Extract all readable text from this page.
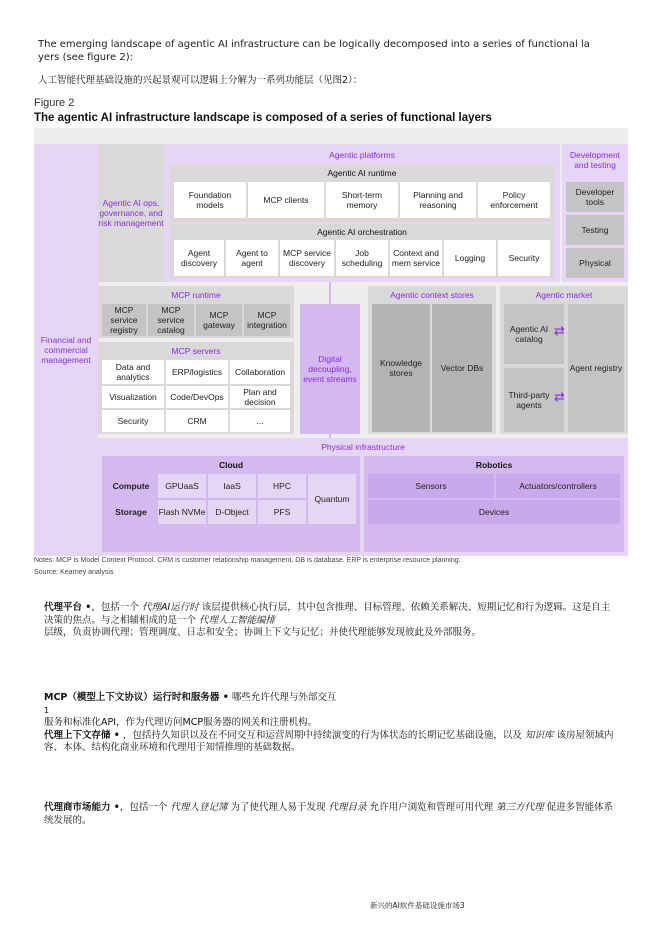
The emerging landscape of agentic AI infrastructure can be logically decomposed into a series of functional la yers (see figure 2):
人工智能代理基础设施的兴起景观可以逻辑上分解为一系列功能层（见图2）：
Figure 2
The agentic AI infrastructure landscape is composed of a series of functional layers
Financial and commercial management
Agentic AI ops, governance, and risk management
Agentic platforms
Agentic AI runtime
Foundation models	MCP clients	Short-term memory
Planning and reasoning
Policy enforcement
Agentic AI orchestration
Agent discovery
Agent to agent
MCP service discovery
Job scheduling
Context and mem service	Logging	Security
Development and testing
Developer tools
Testing
Physical
MCP runtime
MCP service registry
MCP service catalog
MCP gateway
MCP integration
MCP servers
Data and analytics	ERP/logistics	Collaboration
Visualization	Code/DevOps	Plan and decision
Security	CRM	...
Digital decoupling, event streams
Agentic context stores
Knowledge stores	Vector DBs
Agentic market
Agentic AI catalog ⇄
Third-party agents ⇄
Agent registry
Physical infrastructure
Cloud
Compute
Storage
GPUaaS	IaaS	HPC
Flash NVMe	D-Object	PFS
Quantum
Robotics
Sensors	Actuators/controllers
Devices
Notes: MCP is Model Context Protocol. CRM is customer relationship management. DB is database. ERP is enterprise resource planning.
Source: Kearney analysis
代理平台 •，包括一个 代理AI运行时 该层提供核心执行层，其中包含推理、目标管理、依赖关系解决、短期记忆和行为逻辑。这是自主决策的焦点。与之相辅相成的是一个 代理人工智能编排
层级，负责协调代理；管理调度、日志和安全；协调上下文与记忆；并使代理能够发现彼此及外部服务。
MCP（模型上下文协议）运行时和服务器 • 哪些允许代理与外部交互
1
服务和标准化API，作为代理访问MCP服务器的网关和注册机构。
代理上下文存储 • ，包括持久知识以及在不同交互和运营周期中持续演变的行为体状态的长期记忆基础设施，以及 知识库 该房屋领域内容、本体、结构化商业环境和代理用于知情推理的基础数据。
代理商市场能力 •，包括一个 代理人登记簿 为了使代理人易于发现 代理目录 允许用户浏览和管理可用代理 第三方代理 促进多智能体系统发展的。
新兴的AI软件基础设施市场3
